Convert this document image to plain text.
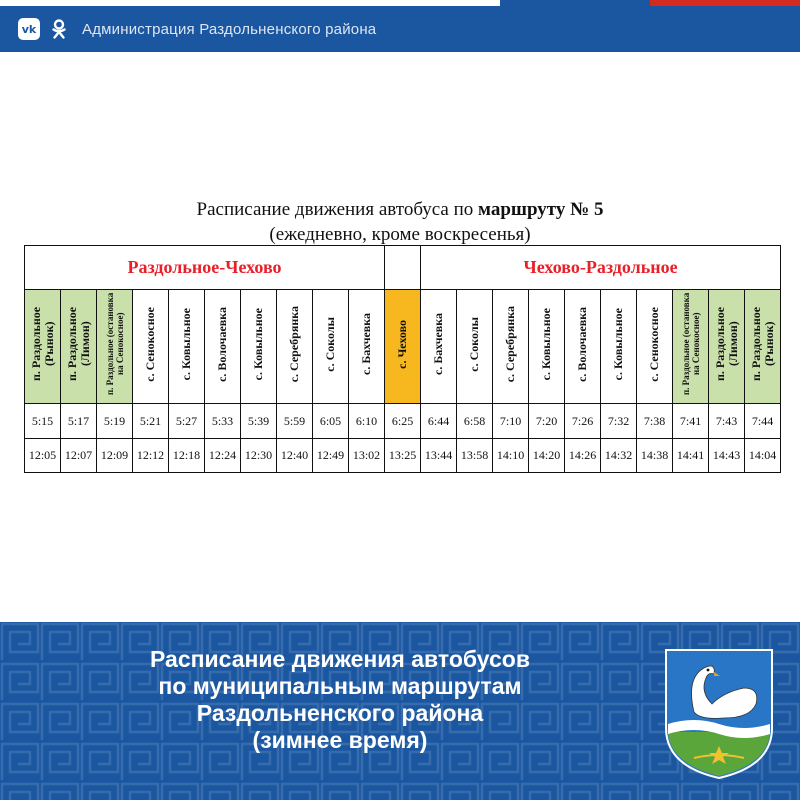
vk	Администрация Раздольненского района
Расписание движения автобуса по маршруту № 5
(ежедневно, кроме воскресенья)
Раздольное-Чехово											Чехово-Раздольное									
п. Раздольное (Рынок)	п. Раздольное (Лимон)	п. Раздольное (остановка на Сенокосное)	с. Сенокосное	с. Ковыльное	с. Волочаевка	с. Ковыльное	с. Серебрянка	с. Соколы	с. Бахчевка	с. Чехово	с. Бахчевка	с. Соколы	с. Серебрянка	с. Ковыльное	с. Волочаевка	с. Ковыльное	с. Сенокосное	п. Раздольное (остановка на Сенокосное)	п. Раздольное (Лимон)	п. Раздольное (Рынок)
5:15	5:17	5:19	5:21	5:27	5:33	5:39	5:59	6:05	6:10	6:25	6:44	6:58	7:10	7:20	7:26	7:32	7:38	7:41	7:43	7:44
12:05	12:07	12:09	12:12	12:18	12:24	12:30	12:40	12:49	13:02	13:25	13:44	13:58	14:10	14:20	14:26	14:32	14:38	14:41	14:43	14:04
Расписание движения автобусов
по муниципальным маршрутам
Раздольненского района
(зимнее время)
